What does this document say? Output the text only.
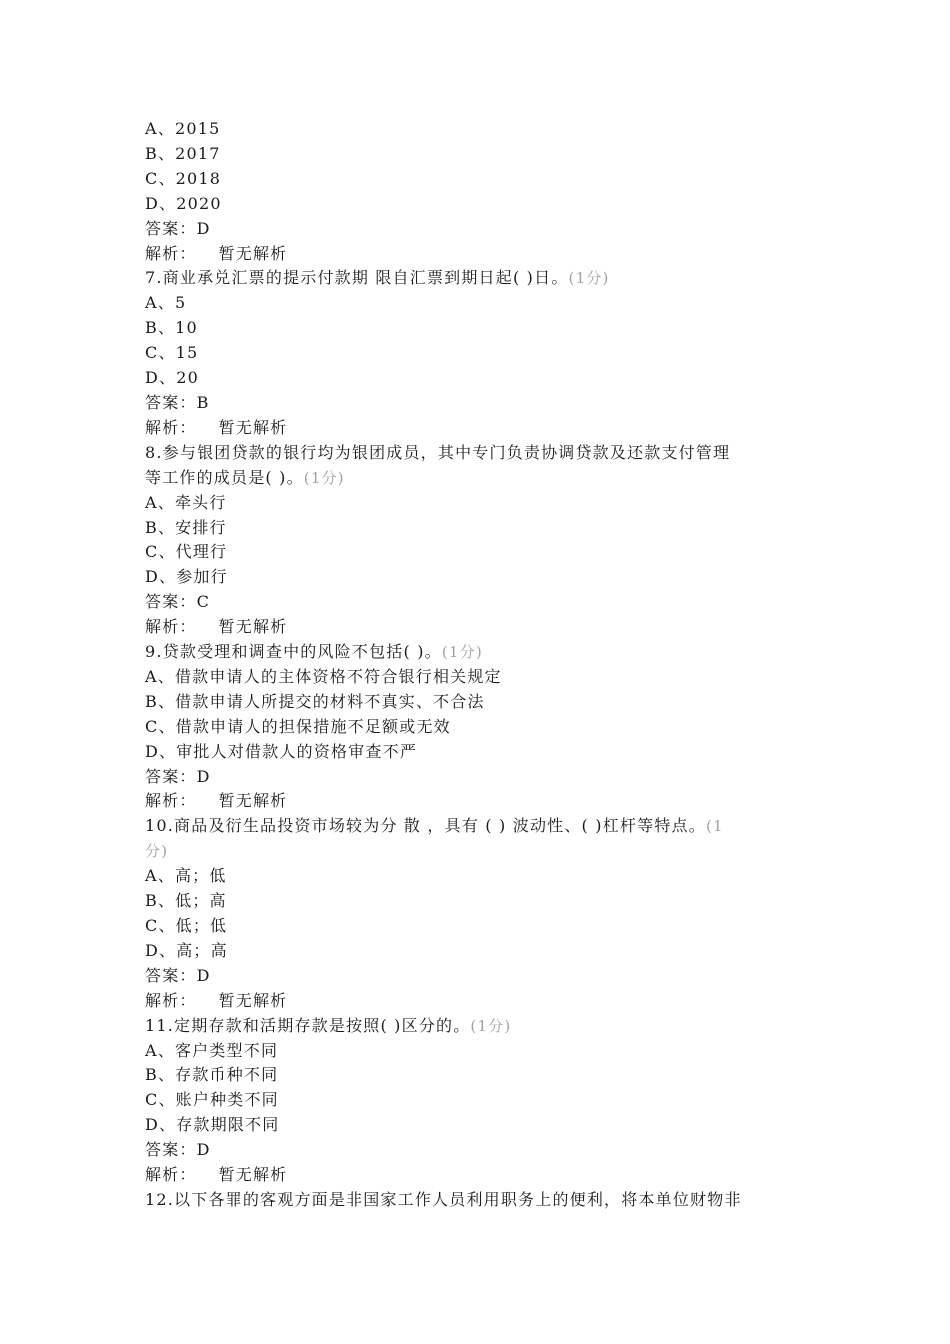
A、2015
B、2017
C、2018
D、2020
答案：D
解析： 暂无解析
7.商业承兑汇票的提示付款期 限自汇票到期日起( )日。(1分)
A、5
B、10
C、15
D、20
答案：B
解析： 暂无解析
8.参与银团贷款的银行均为银团成员，其中专门负责协调贷款及还款支付管理
等工作的成员是( )。(1分)
A、牵头行
B、安排行
C、代理行
D、参加行
答案：C
解析： 暂无解析
9.贷款受理和调查中的风险不包括( )。(1分)
A、借款申请人的主体资格不符合银行相关规定
B、借款申请人所提交的材料不真实、不合法
C、借款申请人的担保措施不足额或无效
D、审批人对借款人的资格审查不严
答案：D
解析： 暂无解析
10.商品及衍生品投资市场较为分 散 ，具有 ( ) 波动性、( )杠杆等特点。(1
分)
A、高；低
B、低；高
C、低；低
D、高；高
答案：D
解析： 暂无解析
11.定期存款和活期存款是按照( )区分的。(1分)
A、客户类型不同
B、存款币种不同
C、账户种类不同
D、存款期限不同
答案：D
解析： 暂无解析
12.以下各罪的客观方面是非国家工作人员利用职务上的便利，将本单位财物非
